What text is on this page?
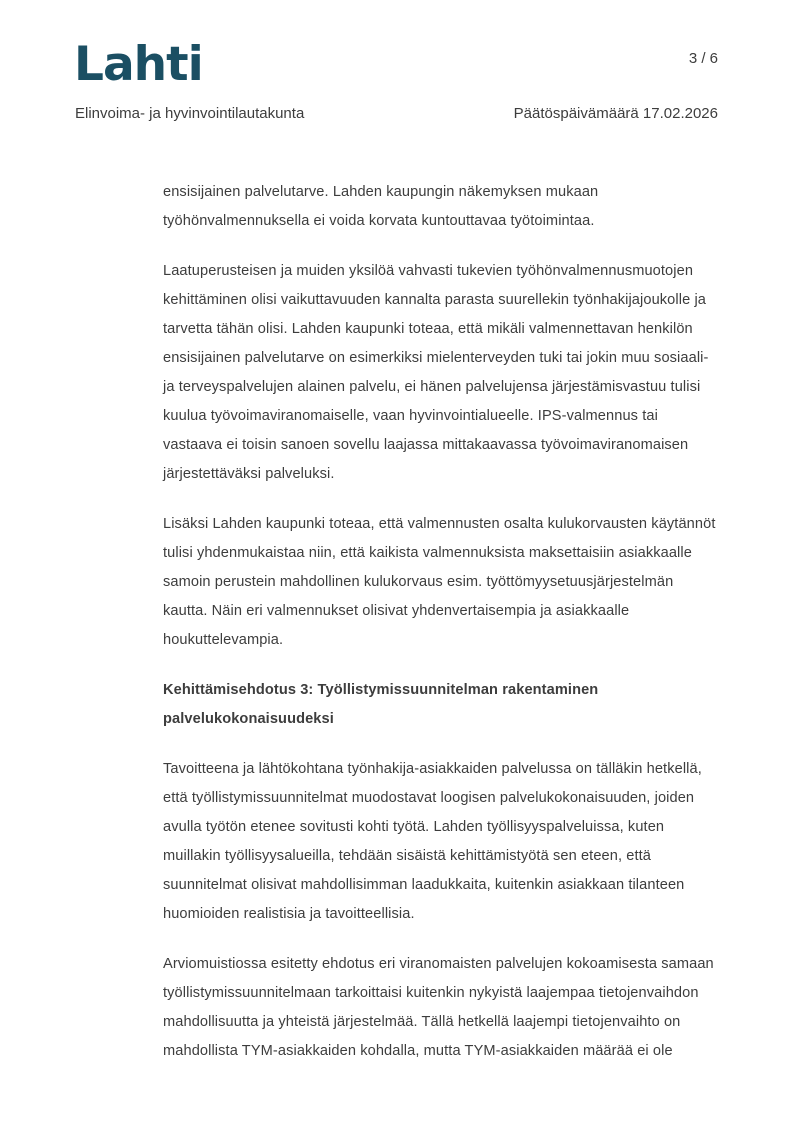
Lahti	3 / 6
Elinvoima- ja hyvinvointilautakunta	Päätöspäivämäärä 17.02.2026

ensisijainen palvelutarve. Lahden kaupungin näkemyksen mukaan työhönvalmennuksella ei voida korvata kuntouttavaa työtoimintaa.

Laatuperusteisen ja muiden yksilöä vahvasti tukevien työhönvalmennusmuotojen kehittäminen olisi vaikuttavuuden kannalta parasta suurellekin työnhakijajoukolle ja tarvetta tähän olisi. Lahden kaupunki toteaa, että mikäli valmennettavan henkilön ensisijainen palvelutarve on esimerkiksi mielenterveyden tuki tai jokin muu sosiaali- ja terveyspalvelujen alainen palvelu, ei hänen palvelujensa järjestämisvastuu tulisi kuulua työvoimaviranomaiselle, vaan hyvinvointialueelle. IPS-valmennus tai vastaava ei toisin sanoen sovellu laajassa mittakaavassa työvoimaviranomaisen järjestettäväksi palveluksi.

Lisäksi Lahden kaupunki toteaa, että valmennusten osalta kulukorvausten käytännöt tulisi yhdenmukaistaa niin, että kaikista valmennuksista maksettaisiin asiakkaalle samoin perustein mahdollinen kulukorvaus esim. työttömyysetuusjärjestelmän kautta. Näin eri valmennukset olisivat yhdenvertaisempia ja asiakkaalle houkuttelevampia.

Kehittämisehdotus 3: Työllistymissuunnitelman rakentaminen palvelukokonaisuudeksi

Tavoitteena ja lähtökohtana työnhakija-asiakkaiden palvelussa on tälläkin hetkellä, että työllistymissuunnitelmat muodostavat loogisen palvelukokonaisuuden, joiden avulla työtön etenee sovitusti kohti työtä. Lahden työllisyyspalveluissa, kuten muillakin työllisyysalueilla, tehdään sisäistä kehittämistyötä sen eteen, että suunnitelmat olisivat mahdollisimman laadukkaita, kuitenkin asiakkaan tilanteen huomioiden realistisia ja tavoitteellisia.

Arviomuistiossa esitetty ehdotus eri viranomaisten palvelujen kokoamisesta samaan työllistymissuunnitelmaan tarkoittaisi kuitenkin nykyistä laajempaa tietojenvaihdon mahdollisuutta ja yhteistä järjestelmää. Tällä hetkellä laajempi tietojenvaihto on mahdollista TYM-asiakkaiden kohdalla, mutta TYM-asiakkaiden määrää ei ole
